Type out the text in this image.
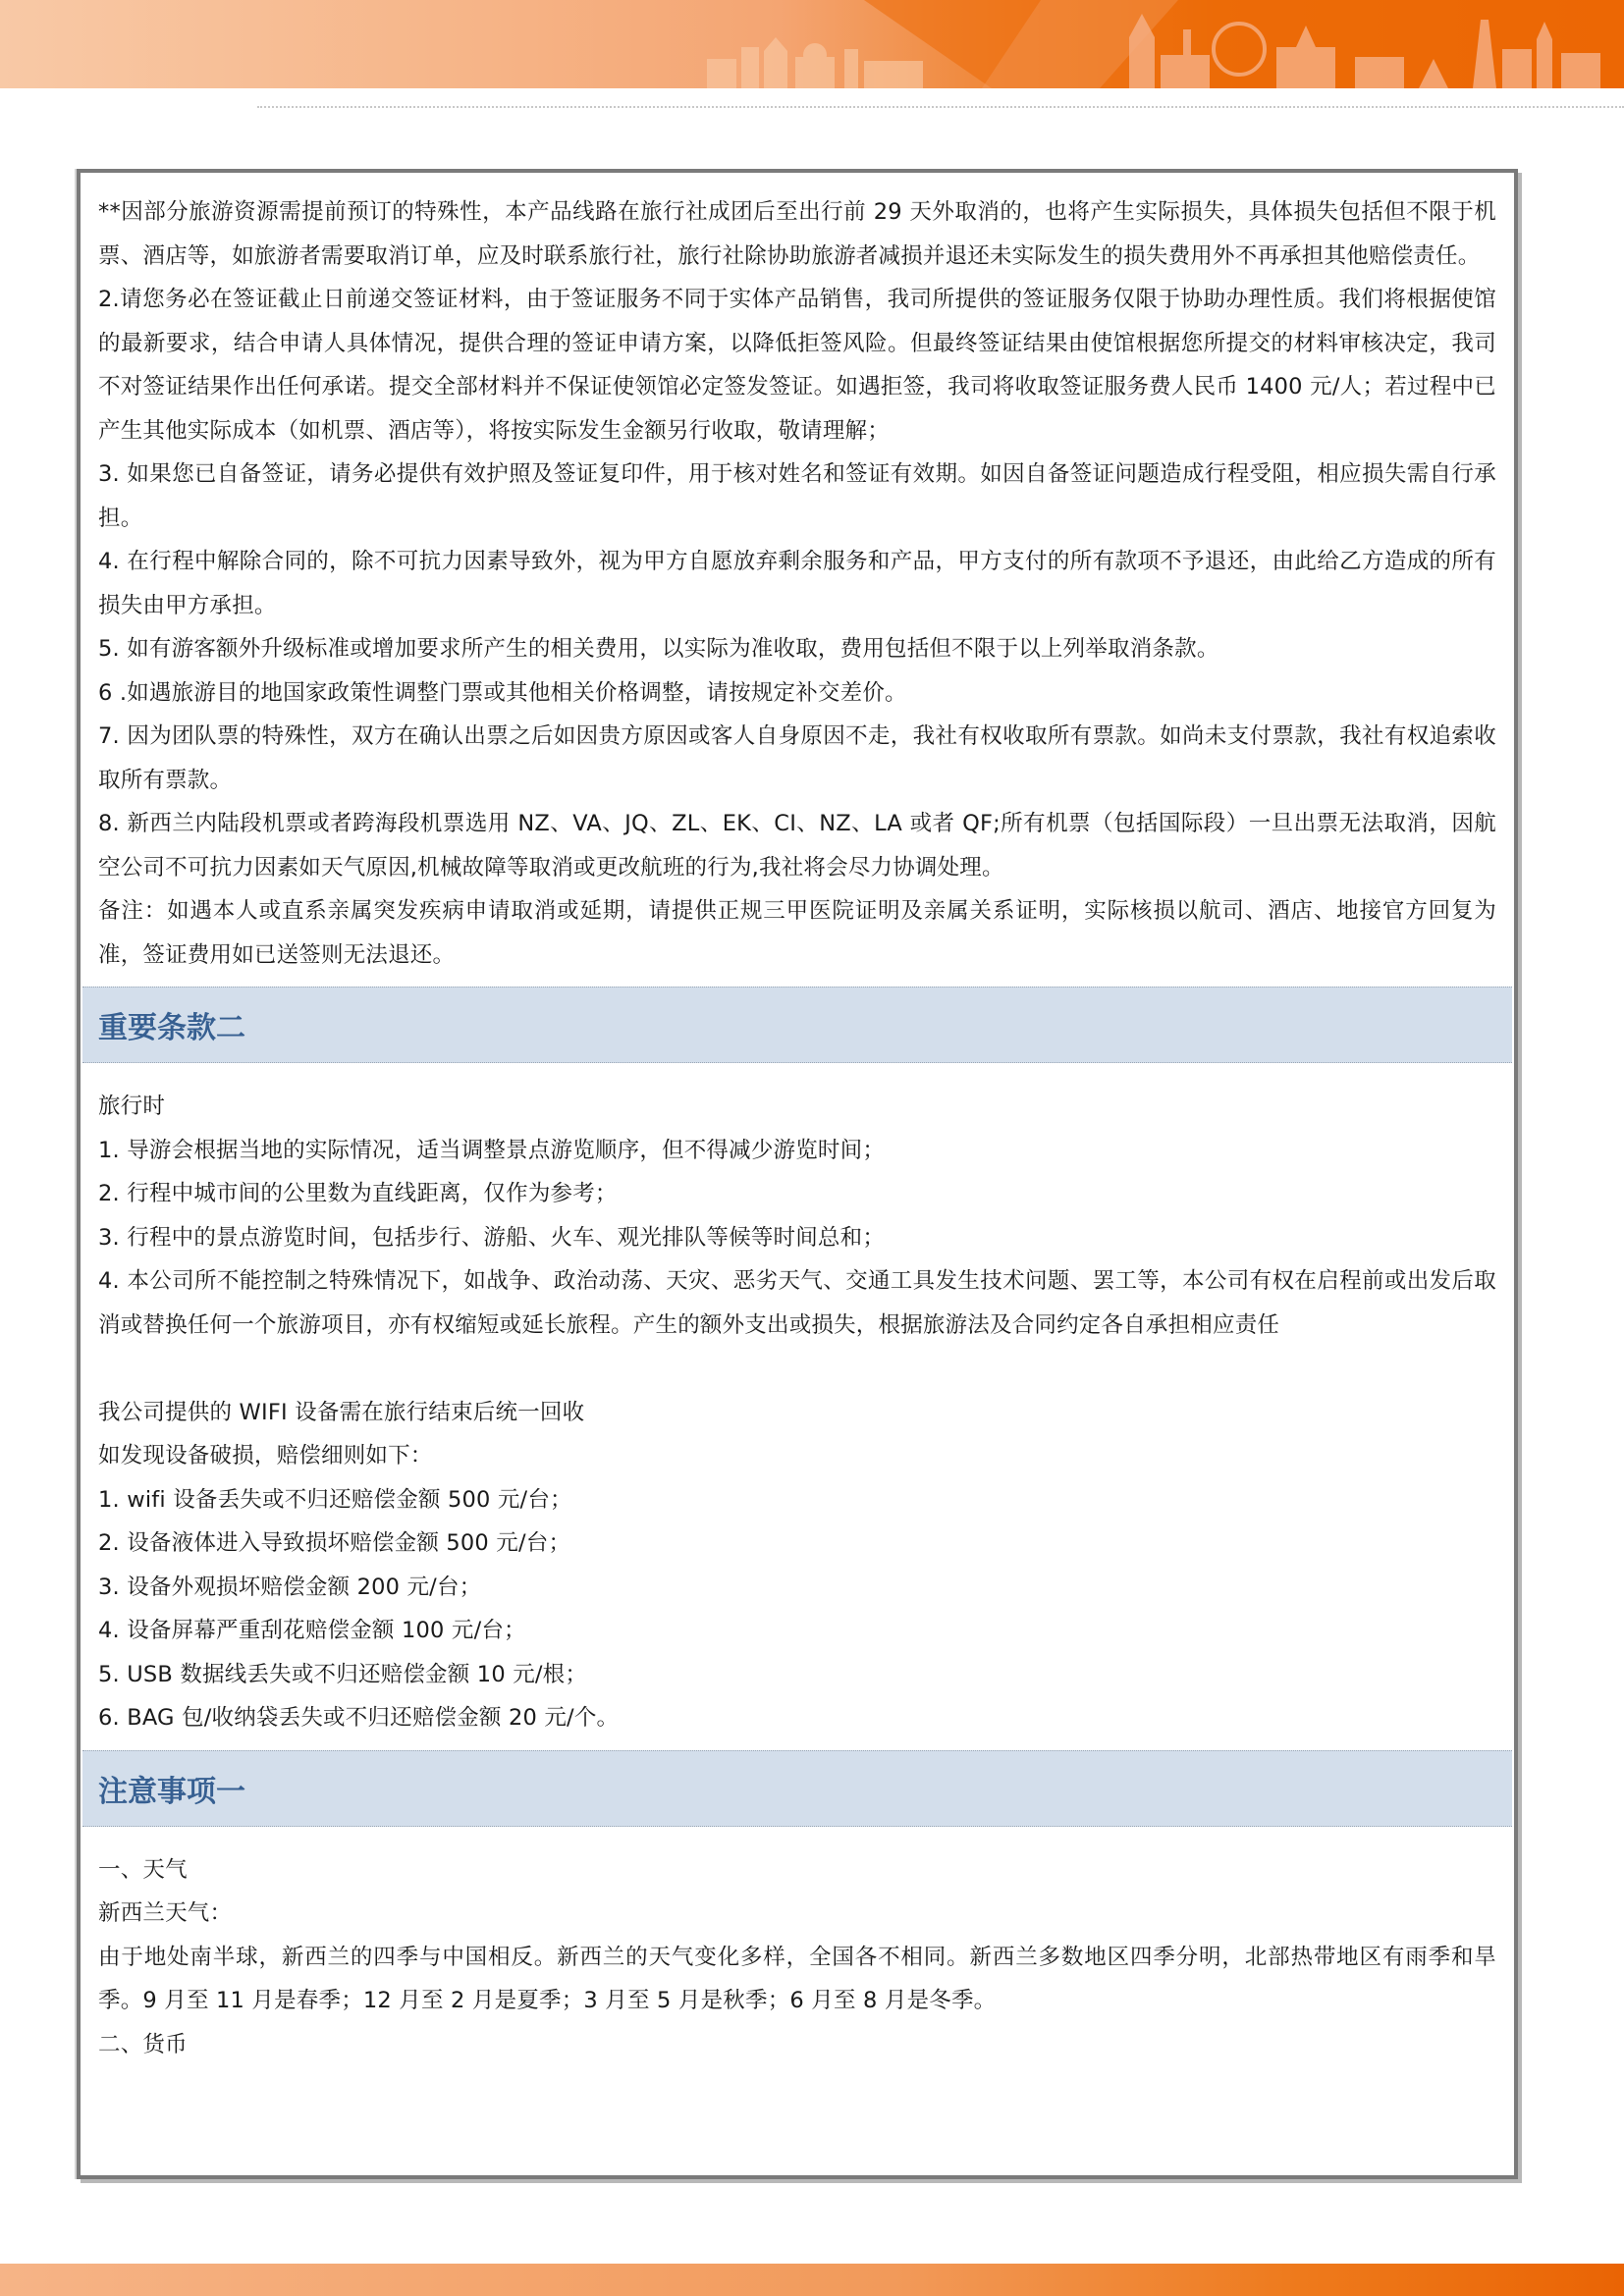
**因部分旅游资源需提前预订的特殊性，本产品线路在旅行社成团后至出行前 29 天外取消的，也将产生实际损失，具体损失包括但不限于机票、酒店等，如旅游者需要取消订单，应及时联系旅行社，旅行社除协助旅游者减损并退还未实际发生的损失费用外不再承担其他赔偿责任。

2.请您务必在签证截止日前递交签证材料，由于签证服务不同于实体产品销售，我司所提供的签证服务仅限于协助办理性质。我们将根据使馆的最新要求，结合申请人具体情况，提供合理的签证申请方案，以降低拒签风险。但最终签证结果由使馆根据您所提交的材料审核决定，我司不对签证结果作出任何承诺。提交全部材料并不保证使领馆必定签发签证。如遇拒签，我司将收取签证服务费人民币 1400 元/人；若过程中已产生其他实际成本（如机票、酒店等），将按实际发生金额另行收取，敬请理解；

3. 如果您已自备签证，请务必提供有效护照及签证复印件，用于核对姓名和签证有效期。如因自备签证问题造成行程受阻，相应损失需自行承担。

4. 在行程中解除合同的，除不可抗力因素导致外，视为甲方自愿放弃剩余服务和产品，甲方支付的所有款项不予退还，由此给乙方造成的所有损失由甲方承担。

5. 如有游客额外升级标准或增加要求所产生的相关费用，以实际为准收取，费用包括但不限于以上列举取消条款。

6 .如遇旅游目的地国家政策性调整门票或其他相关价格调整，请按规定补交差价。

7. 因为团队票的特殊性，双方在确认出票之后如因贵方原因或客人自身原因不走，我社有权收取所有票款。如尚未支付票款，我社有权追索收取所有票款。

8. 新西兰内陆段机票或者跨海段机票选用 NZ、VA、JQ、ZL、EK、CI、NZ、LA 或者 QF;所有机票（包括国际段）一旦出票无法取消，因航空公司不可抗力因素如天气原因,机械故障等取消或更改航班的行为,我社将会尽力协调处理。

备注：如遇本人或直系亲属突发疾病申请取消或延期，请提供正规三甲医院证明及亲属关系证明，实际核损以航司、酒店、地接官方回复为准，签证费用如已送签则无法退还。

重要条款二

旅行时

1. 导游会根据当地的实际情况，适当调整景点游览顺序，但不得减少游览时间；

2. 行程中城市间的公里数为直线距离，仅作为参考；

3. 行程中的景点游览时间，包括步行、游船、火车、观光排队等候等时间总和；

4. 本公司所不能控制之特殊情况下，如战争、政治动荡、天灾、恶劣天气、交通工具发生技术问题、罢工等，本公司有权在启程前或出发后取消或替换任何一个旅游项目，亦有权缩短或延长旅程。产生的额外支出或损失，根据旅游法及合同约定各自承担相应责任

我公司提供的 WIFI 设备需在旅行结束后统一回收

如发现设备破损，赔偿细则如下：

1. wifi 设备丢失或不归还赔偿金额 500 元/台；

2. 设备液体进入导致损坏赔偿金额 500 元/台；

3. 设备外观损坏赔偿金额 200 元/台；

4. 设备屏幕严重刮花赔偿金额 100 元/台；

5. USB 数据线丢失或不归还赔偿金额 10 元/根；

6. BAG 包/收纳袋丢失或不归还赔偿金额 20 元/个。

注意事项一

一、天气

新西兰天气：

由于地处南半球，新西兰的四季与中国相反。新西兰的天气变化多样，全国各不相同。新西兰多数地区四季分明，北部热带地区有雨季和旱季。9 月至 11 月是春季；12 月至 2 月是夏季；3 月至 5 月是秋季；6 月至 8 月是冬季。

二、货币
